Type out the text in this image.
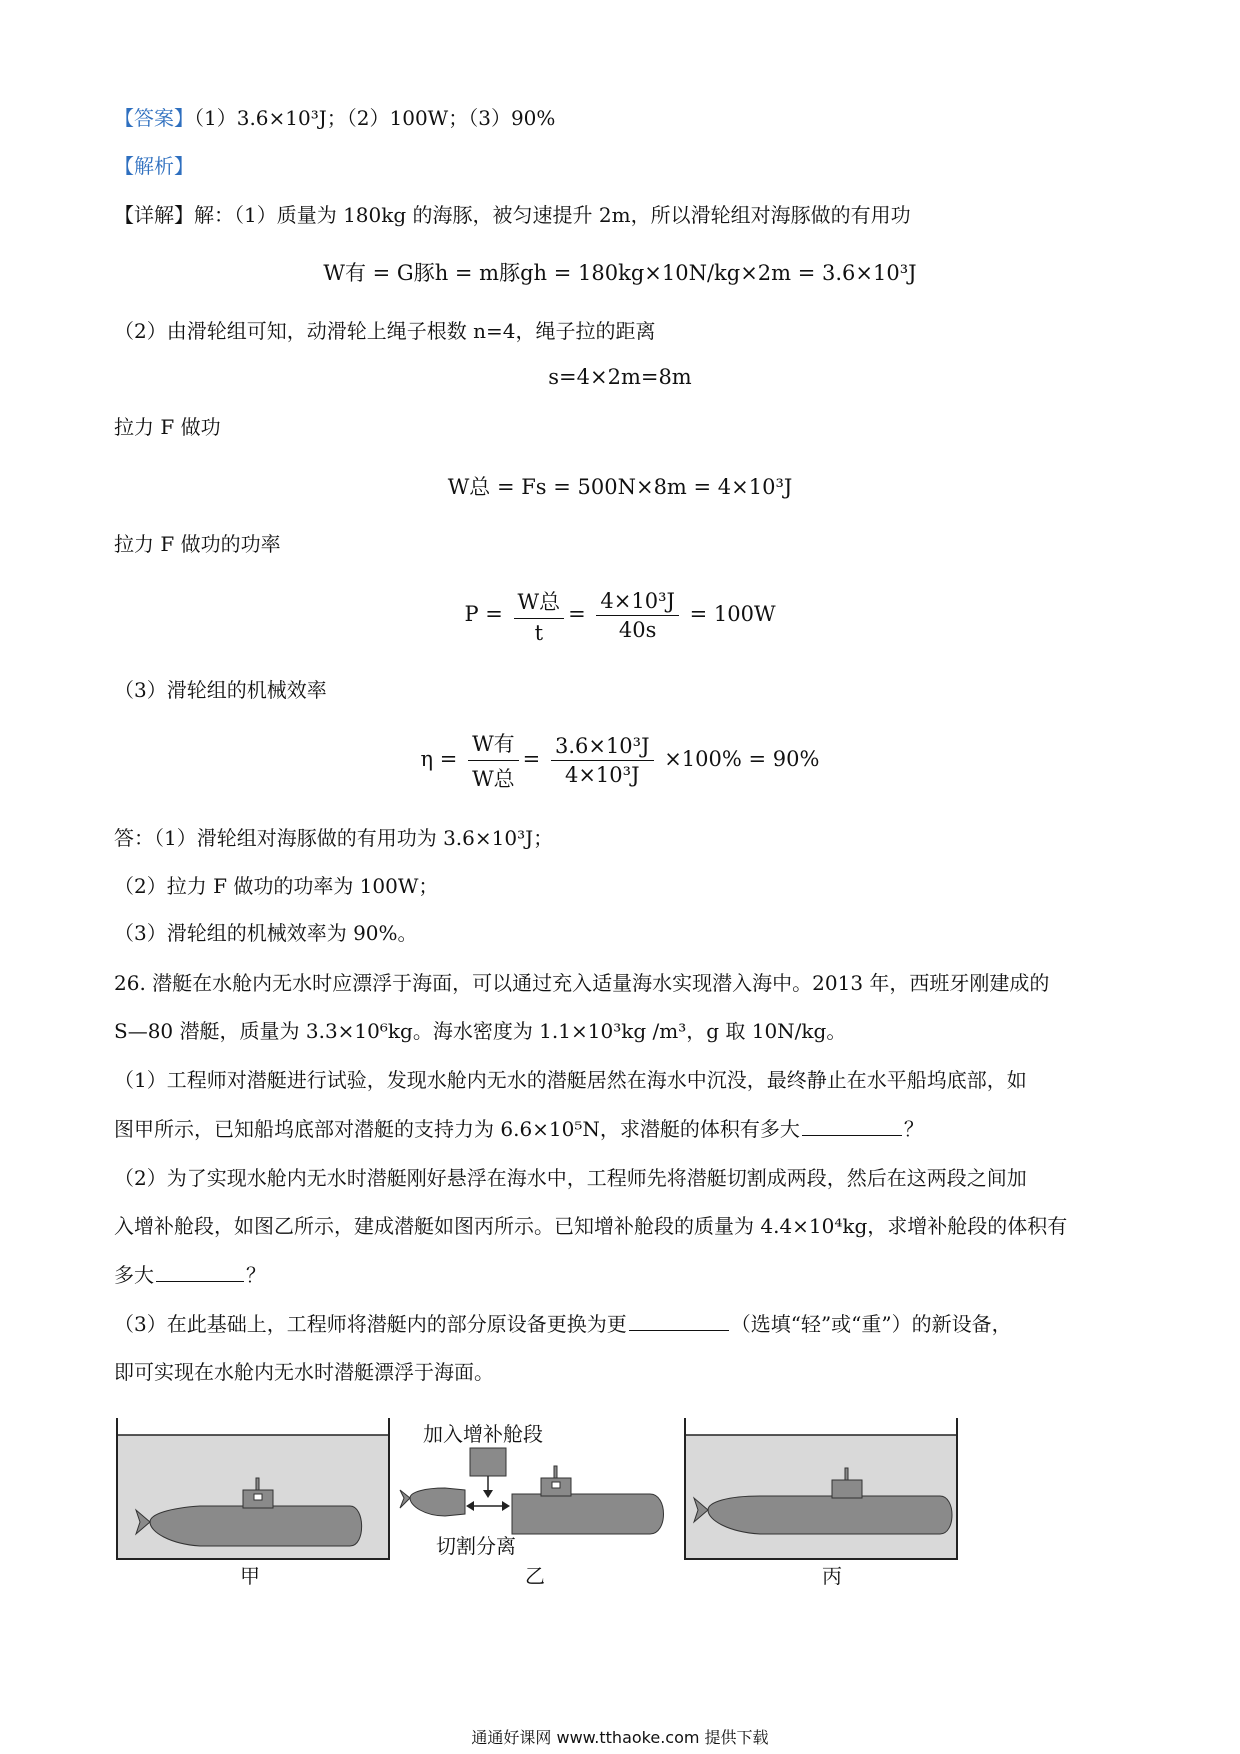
【答案】（1）3.6×10³J；（2）100W；（3）90%
【解析】
【详解】解：（1）质量为 180kg 的海豚，被匀速提升 2m，所以滑轮组对海豚做的有用功
W有 = G豚h = m豚gh = 180kg×10N/kg×2m = 3.6×10³J
（2）由滑轮组可知，动滑轮上绳子根数 n=4，绳子拉的距离
s=4×2m=8m
拉力 F 做功
W总 = Fs = 500N×8m = 4×10³J
拉力 F 做功的功率
$P = \frac{\text{W总}}{t} = \frac{\text{4×10³J}}{40s} = 100W$
（3）滑轮组的机械效率
$\eta = \frac{\text{W有}}{\text{W总}} = \frac{\text{3.6×10³J}}{\text{4×10³J}} \times 100\% = 90\%$
答：（1）滑轮组对海豚做的有用功为 3.6×10³J；
（2）拉力 F 做功的功率为 100W；
（3）滑轮组的机械效率为 90%。
26. 潜艇在水舱内无水时应漂浮于海面，可以通过充入适量海水实现潜入海中。2013 年，西班牙刚建成的
S—80 潜艇，质量为 3.3×10⁶kg。海水密度为 1.1×10³kg /m³，g 取 10N/kg。
（1）工程师对潜艇进行试验，发现水舱内无水的潜艇居然在海水中沉没，最终静止在水平船坞底部，如
图甲所示，已知船坞底部对潜艇的支持力为 6.6×10⁵N，求潜艇的体积有多大	？
（2）为了实现水舱内无水时潜艇刚好悬浮在海水中，工程师先将潜艇切割成两段，然后在这两段之间加
入增补舱段，如图乙所示，建成潜艇如图丙所示。已知增补舱段的质量为 4.4×10⁴kg，求增补舱段的体积有
多大	？
（3）在此基础上，工程师将潜艇内的部分原设备更换为更	（选填“轻”或“重”）的新设备，
即可实现在水舱内无水时潜艇漂浮于海面。
加入增补舱段
切割分离
甲	乙	丙
通通好课网 www.tthaoke.com 提供下载
